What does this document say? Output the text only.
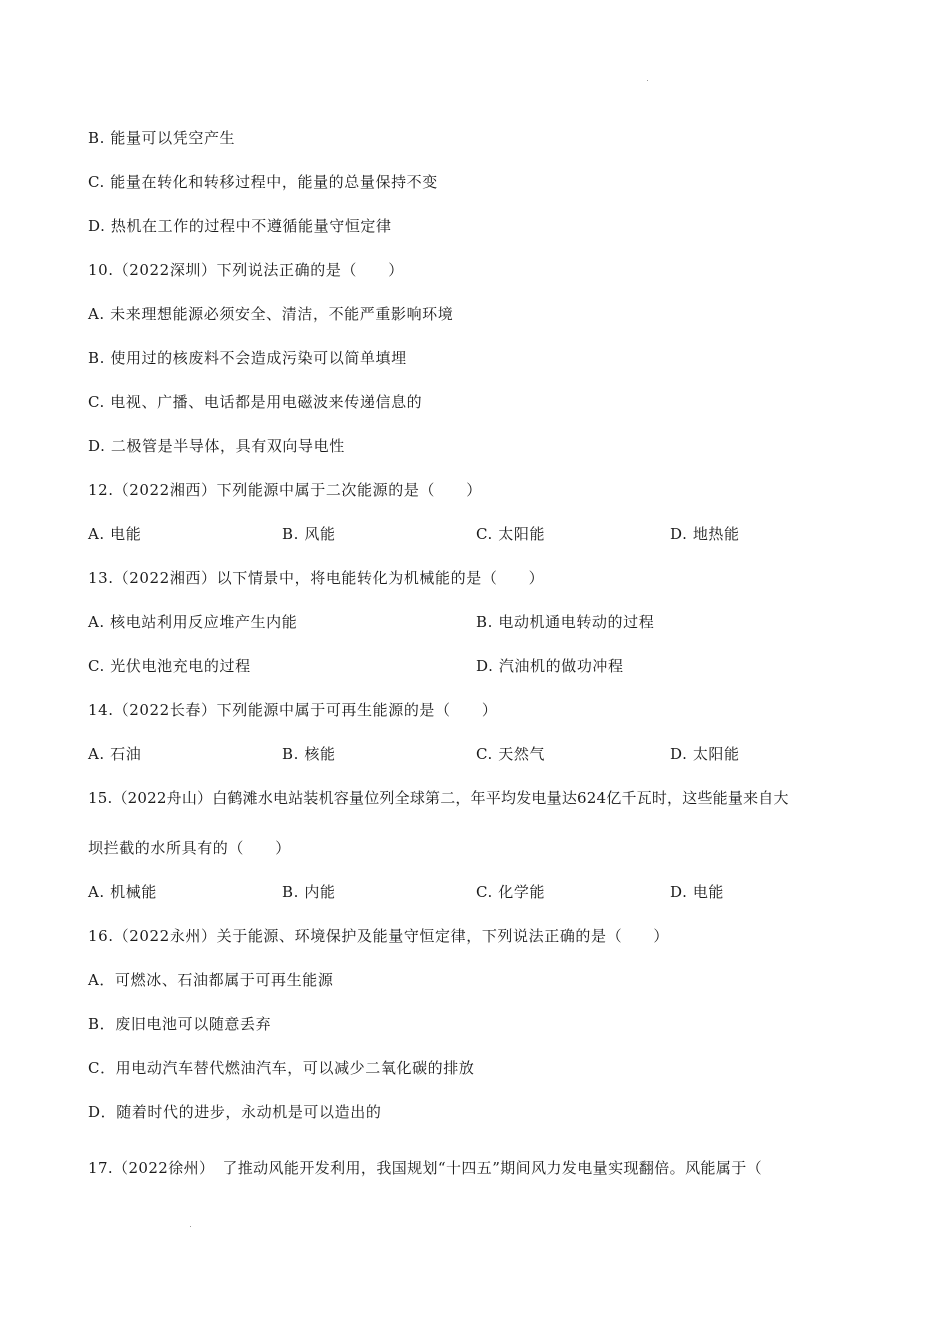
B. 能量可以凭空产生
C. 能量在转化和转移过程中，能量的总量保持不变
D. 热机在工作的过程中不遵循能量守恒定律
10.（2022深圳）下列说法正确的是（　　）
A. 未来理想能源必须安全、清洁，不能严重影响环境
B. 使用过的核废料不会造成污染可以简单填埋
C. 电视、广播、电话都是用电磁波来传递信息的
D. 二极管是半导体，具有双向导电性
12.（2022湘西）下列能源中属于二次能源的是（　　）
A. 电能	B. 风能	C. 太阳能	D. 地热能
13.（2022湘西）以下情景中，将电能转化为机械能的是（　　）
A. 核电站利用反应堆产生内能	B. 电动机通电转动的过程
C. 光伏电池充电的过程	D. 汽油机的做功冲程
14.（2022长春）下列能源中属于可再生能源的是（　　）
A. 石油	B. 核能	C. 天然气	D. 太阳能
15.（2022舟山）白鹤滩水电站装机容量位列全球第二，年平均发电量达624亿千瓦时，这些能量来自大
坝拦截的水所具有的（　　）
A. 机械能	B. 内能	C. 化学能	D. 电能
16.（2022永州）关于能源、环境保护及能量守恒定律，下列说法正确的是（　　）
A．可燃冰、石油都属于可再生能源
B．废旧电池可以随意丢弃
C．用电动汽车替代燃油汽车，可以减少二氧化碳的排放
D．随着时代的进步，永动机是可以造出的
17.（2022徐州）　了推动风能开发利用，我国规划“十四五”期间风力发电量实现翻倍。风能属于（
